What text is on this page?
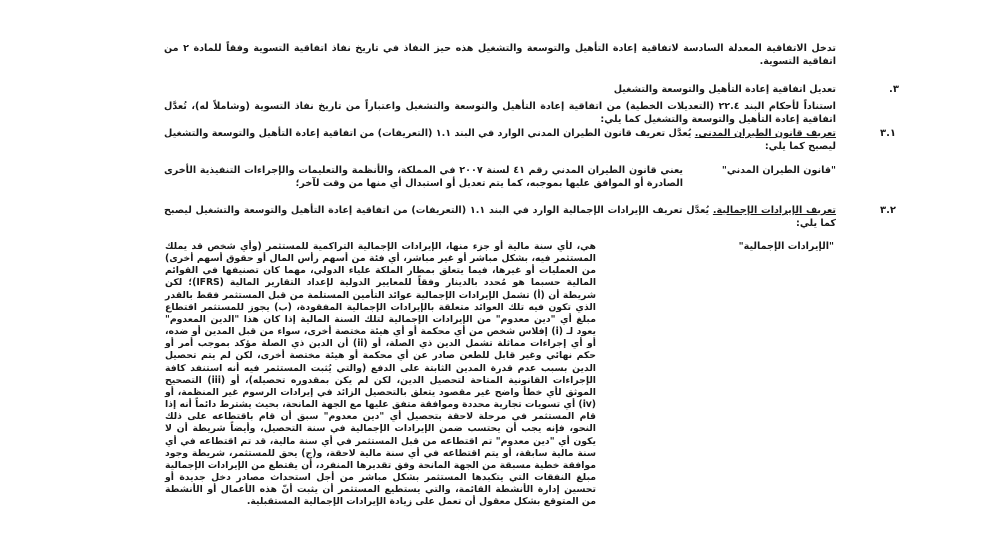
تدخل الاتفاقية المعدلة السادسة لاتفاقية إعادة التأهيل والتوسعة والتشغيل هذه حيز النفاذ في تاريخ نفاذ اتفاقية التسوية وفقاً للمادة ٢ من اتفاقية التسوية.
.٣
تعديل اتفاقية إعادة التأهيل والتوسعة والتشغيل
استناداً لأحكام البند ٢٢.٤ (التعديلات الخطية) من اتفاقية إعادة التأهيل والتوسعة والتشغيل واعتباراً من تاريخ نفاذ التسوية (وشاملاً له)، تُعدَّل اتفاقية إعادة التأهيل والتوسعة والتشغيل كما يلي:
٣.١
تعريف قانون الطيران المدني. يُعدَّل تعريف قانون الطيران المدني الوارد في البند ١.١ (التعريفات) من اتفاقية إعادة التأهيل والتوسعة والتشغيل ليصبح كما يلي:
"قانون الطيران المدني"
يعني قانون الطيران المدني رقم ٤١ لسنة ٢٠٠٧ في المملكة، والأنظمة والتعليمات والإجراءات التنفيذية الأخرى الصادرة أو الموافق عليها بموجبه، كما يتم تعديل أو استبدال أي منها من وقت لآخر؛
٣.٢
تعريف الإيرادات الإجمالية. يُعدَّل تعريف الإيرادات الإجمالية الوارد في البند ١.١ (التعريفات) من اتفاقية إعادة التأهيل والتوسعة والتشغيل ليصبح كما يلي:
"الإيرادات الإجمالية"
هي، لأي سنة مالية أو جزء منها، الإيرادات الإجمالية التراكمية للمستثمر (وأي شخص قد يملك المستثمر فيه، بشكل مباشر أو غير مباشر، أي فئة من أسهم رأس المال أو حقوق أسهم أخرى) من العمليات أو غيرها، فيما يتعلق بمطار الملكة علياء الدولي، مهما كان تصنيفها في القوائم المالية حسبما هو مُحدد بالدينار وفقاً للمعايير الدولية لإعداد التقارير المالية (IFRS)؛ لكن شريطة أن (أ) تشمل الإيرادات الإجمالية عوائد التأمين المستلمة من قبل المستثمر فقط بالقدر الذي تكون فيه تلك العوائد متعلقة بالإيرادات الإجمالية المفقودة، (ب) يجوز للمستثمر اقتطاع مبلغ أي "دين معدوم" من الإيرادات الإجمالية لتلك السنة المالية إذا كان هذا "الدين المعدوم" يعود لـ (i) إفلاس شخص من أي محكمة أو أي هيئة مختصة أخرى، سواء من قبل المدين أو ضده، أو أي إجراءات مماثلة تشمل الدين ذي الصلة، أو (ii) أن الدين ذي الصلة مؤكد بموجب أمر أو حكم نهائي وغير قابل للطعن صادر عن أي محكمة أو هيئة مختصة أخرى، لكن لم يتم تحصيل الدين بسبب عدم قدرة المدين الثابتة على الدفع (والتي يُثبت المستثمر فيه أنه استنفد كافة الإجراءات القانونية المتاحة لتحصيل الدين، لكن لم يكن بمقدوره تحصيله)، أو (iii) التصحيح الموثق لأي خطأ واضح غير مقصود يتعلق بالتحصيل الزائد في إيرادات الرسوم غير المنظمة، أو (iv) أي تسويات تجارية محددة وموافقة متفق عليها مع الجهة المانحة، بحيث يشترط دائماً أنه إذا قام المستثمر في مرحلة لاحقة بتحصيل أي "دين معدوم" سبق أن قام باقتطاعه على ذلك النحو، فإنه يجب أن يحتسب ضمن الإيرادات الإجمالية في سنة التحصيل، وأيضاً شريطة أن لا يكون أي "دين معدوم" تم اقتطاعه من قبل المستثمر في أي سنة مالية، قد تم اقتطاعه في أي سنة مالية سابقة، أو يتم اقتطاعه في أي سنة مالية لاحقة، و(ج) يحق للمستثمر، شريطة وجود موافقة خطية مسبقة من الجهة المانحة وفق تقديرها المنفرد، أن يقتطع من الإيرادات الإجمالية مبلغ النفقات التي يتكبدها المستثمر بشكل مباشر من أجل استحداث مصادر دخل جديدة أو تحسين إدارة الأنشطة القائمة، والتي يستطيع المستثمر أن يثبت أنّ هذه الأعمال أو الأنشطة من المتوقع بشكل معقول أن تعمل على زيادة الإيرادات الإجمالية المستقبلية.
